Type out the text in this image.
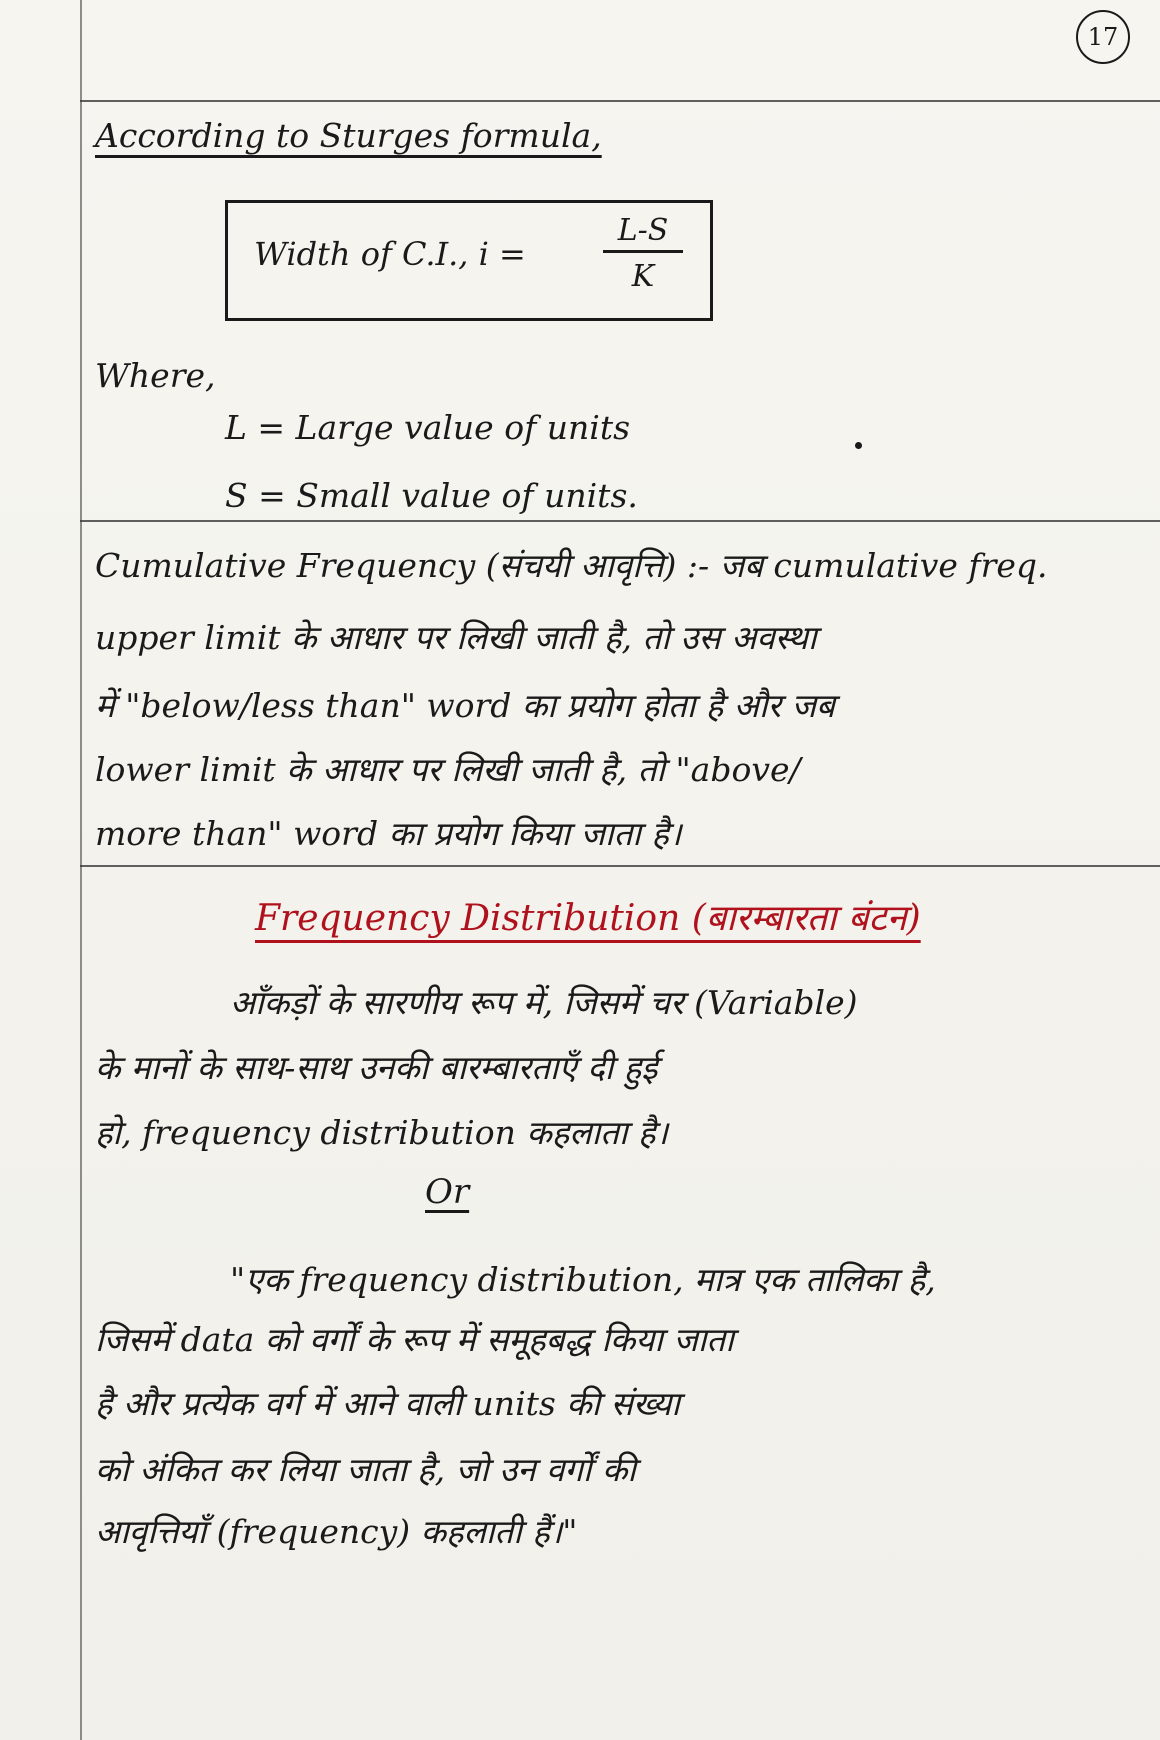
17
According to Sturges formula,
Width of C.I., i =	$\frac{L-S}{K}$
Where,
L = Large value of units
S = Small value of units.
Cumulative Frequency (संचयी आवृत्ति) :- जब cumulative freq.
upper limit के आधार पर लिखी जाती है, तो उस अवस्था
में "below/less than" word का प्रयोग होता है और जब
lower limit के आधार पर लिखी जाती है, तो "above/
more than" word का प्रयोग किया जाता है।
Frequency Distribution (बारम्बारता बंटन)
आँकड़ों के सारणीय रूप में, जिसमें चर (Variable)
के मानों के साथ-साथ उनकी बारम्बारताएँ दी हुई
हो, frequency distribution कहलाता है।
Or
"एक frequency distribution, मात्र एक तालिका है,
जिसमें data को वर्गों के रूप में समूहबद्ध किया जाता
है और प्रत्येक वर्ग में आने वाली units की संख्या
को अंकित कर लिया जाता है, जो उन वर्गों की
आवृत्तियाँ (frequency) कहलाती हैं।"
